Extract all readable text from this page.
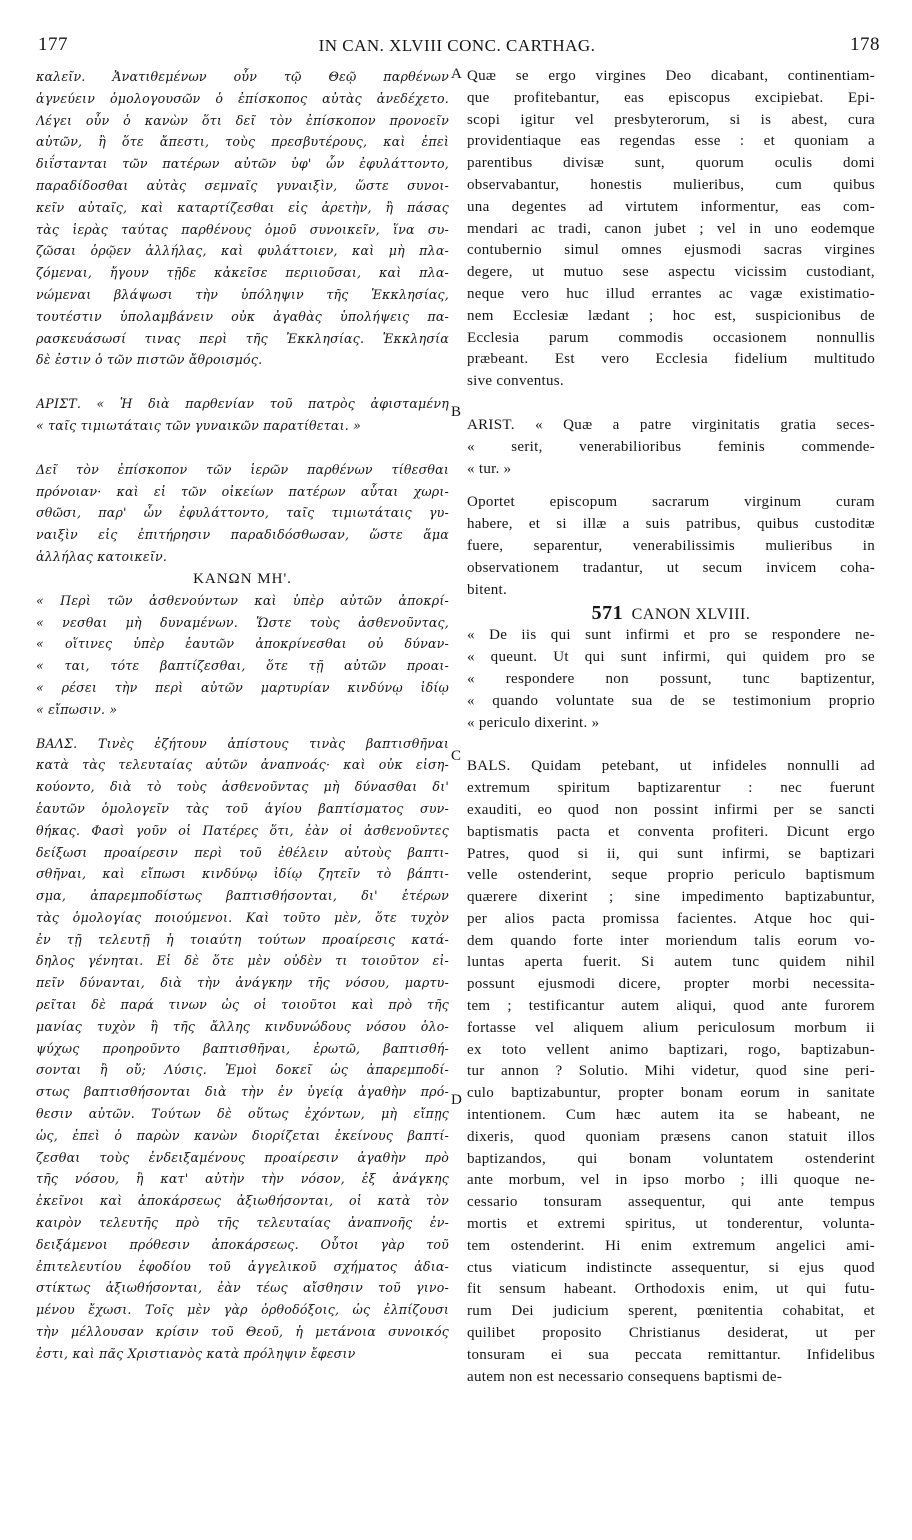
177	IN CAN. XLVIII CONC. CARTHAG.	178
A
B
C
D
καλεῖν. Ἀνατιθεμένων οὖν τῷ Θεῷ παρθένων
ἁγνεύειν ὁμολογουσῶν ὁ ἐπίσκοπος αὐτὰς ἀνεδέχετο.
Λέγει οὖν ὁ κανὼν ὅτι δεῖ τὸν ἐπίσκοπον προνοεῖν
αὐτῶν, ἢ ὅτε ἄπεστι, τοὺς πρεσβυτέρους, καὶ ἐπεὶ
διΐστανται τῶν πατέρων αὐτῶν ὑφ' ὧν ἐφυλάττοντο,
παραδίδοσθαι αὐτὰς σεμναῖς γυναιξὶν, ὥστε συνοι-
κεῖν αὐταῖς, καὶ καταρτίζεσθαι εἰς ἀρετὴν, ἢ πάσας
τὰς ἱερὰς ταύτας παρθένους ὁμοῦ συνοικεῖν, ἵνα συ-
ζῶσαι ὁρῷεν ἀλλήλας, καὶ φυλάττοιεν, καὶ μὴ πλα-
ζόμεναι, ἤγουν τῇδε κἀκεῖσε περιιοῦσαι, καὶ πλα-
νώμεναι βλάψωσι τὴν ὑπόληψιν τῆς Ἐκκλησίας,
τουτέστιν ὑπολαμβάνειν οὐκ ἀγαθὰς ὑπολήψεις πα-
ρασκευάσωσί τινας περὶ τῆς Ἐκκλησίας. Ἐκκλησία
δὲ ἐστιν ὁ τῶν πιστῶν ἄθροισμός.
ΑΡΙΣΤ. « Ἡ διὰ παρθενίαν τοῦ πατρὸς ἀφισταμένη
« ταῖς τιμιωτάταις τῶν γυναικῶν παρατίθεται. »
Δεῖ τὸν ἐπίσκοπον τῶν ἱερῶν παρθένων τίθεσθαι
πρόνοιαν· καὶ εἰ τῶν οἰκείων πατέρων αὗται χωρι-
σθῶσι, παρ' ὧν ἐφυλάττοντο, ταῖς τιμιωτάταις γυ-
ναιξὶν εἰς ἐπιτήρησιν παραδιδόσθωσαν, ὥστε ἅμα
ἀλλήλας κατοικεῖν.
ΚΑΝΩΝ ΜΗ'.
« Περὶ τῶν ἀσθενούντων καὶ ὑπὲρ αὐτῶν ἀποκρί-
« νεσθαι μὴ δυναμένων. Ὥστε τοὺς ἀσθενοῦντας,
« οἵτινες ὑπὲρ ἑαυτῶν ἀποκρίνεσθαι οὐ δύναν-
« ται, τότε βαπτίζεσθαι, ὅτε τῇ αὐτῶν προαι-
« ρέσει τὴν περὶ αὐτῶν μαρτυρίαν κινδύνῳ ἰδίῳ
« εἴπωσιν. »
ΒΑΛΣ. Τινὲς ἐζήτουν ἀπίστους τινὰς βαπτισθῆναι
κατὰ τὰς τελευταίας αὐτῶν ἀναπνοάς· καὶ οὐκ εἰση-
κούοντο, διὰ τὸ τοὺς ἀσθενοῦντας μὴ δύνασθαι δι'
ἑαυτῶν ὁμολογεῖν τὰς τοῦ ἁγίου βαπτίσματος συν-
θήκας. Φασὶ γοῦν οἱ Πατέρες ὅτι, ἐὰν οἱ ἀσθενοῦντες
δείξωσι προαίρεσιν περὶ τοῦ ἐθέλειν αὐτοὺς βαπτι-
σθῆναι, καὶ εἴπωσι κινδύνῳ ἰδίῳ ζητεῖν τὸ βάπτι-
σμα, ἀπαρεμποδίστως βαπτισθήσονται, δι' ἑτέρων
τὰς ὁμολογίας ποιούμενοι. Καὶ τοῦτο μὲν, ὅτε τυχὸν
ἐν τῇ τελευτῇ ἡ τοιαύτη τούτων προαίρεσις κατά-
δηλος γένηται. Εἰ δὲ ὅτε μὲν οὐδὲν τι τοιοῦτον εἰ-
πεῖν δύνανται, διὰ τὴν ἀνάγκην τῆς νόσου, μαρτυ-
ρεῖται δὲ παρά τινων ὡς οἱ τοιοῦτοι καὶ πρὸ τῆς
μανίας τυχὸν ἢ τῆς ἄλλης κινδυνώδους νόσου ὁλο-
ψύχως προηροῦντο βαπτισθῆναι, ἐρωτῶ, βαπτισθή-
σονται ἢ οὔ; Λύσις. Ἐμοὶ δοκεῖ ὡς ἀπαρεμποδί-
στως βαπτισθήσονται διὰ τὴν ἐν ὑγείᾳ ἀγαθὴν πρό-
θεσιν αὐτῶν. Τούτων δὲ οὕτως ἐχόντων, μὴ εἴπῃς
ὡς, ἐπεὶ ὁ παρὼν κανὼν διορίζεται ἐκείνους βαπτί-
ζεσθαι τοὺς ἐνδειξαμένους προαίρεσιν ἀγαθὴν πρὸ
τῆς νόσου, ἢ κατ' αὐτὴν τὴν νόσον, ἐξ ἀνάγκης
ἐκεῖνοι καὶ ἀποκάρσεως ἀξιωθήσονται, οἱ κατὰ τὸν
καιρὸν τελευτῆς πρὸ τῆς τελευταίας ἀναπνοῆς ἐν-
δειξάμενοι πρόθεσιν ἀποκάρσεως. Οὗτοι γὰρ τοῦ
ἐπιτελευτίου ἐφοδίου τοῦ ἀγγελικοῦ σχήματος ἀδια-
στίκτως ἀξιωθήσονται, ἐὰν τέως αἴσθησιν τοῦ γινο-
μένου ἔχωσι. Τοῖς μὲν γὰρ ὀρθοδόξοις, ὡς ἐλπίζουσι
τὴν μέλλουσαν κρίσιν τοῦ Θεοῦ, ἡ μετάνοια συνοικός
ἐστι, καὶ πᾶς Χριστιανὸς κατὰ πρόληψιν ἔφεσιν
Quæ se ergo virgines Deo dicabant, continentiam-
que profitebantur, eas episcopus excipiebat. Epi-
scopi igitur vel presbyterorum, si is abest, cura
providentiaque eas regendas esse : et quoniam a
parentibus divisæ sunt, quorum oculis domi
observabantur, honestis mulieribus, cum quibus
una degentes ad virtutem informentur, eas com-
mendari ac tradi, canon jubet ; vel in uno eodemque
contubernio simul omnes ejusmodi sacras virgines
degere, ut mutuo sese aspectu vicissim custodiant,
neque vero huc illud errantes ac vagæ existimatio-
nem Ecclesiæ lædant ; hoc est, suspicionibus de
Ecclesia parum commodis occasionem nonnullis
præbeant. Est vero Ecclesia fidelium multitudo
sive conventus.
ARIST. « Quæ a patre virginitatis gratia seces-
« serit, venerabilioribus feminis commende-
« tur. »
Oportet episcopum sacrarum virginum curam
habere, et si illæ a suis patribus, quibus custoditæ
fuere, separentur, venerabilissimis mulieribus in
observationem tradantur, ut secum invicem coha-
bitent.
571 CANON XLVIII.
« De iis qui sunt infirmi et pro se respondere ne-
« queunt. Ut qui sunt infirmi, qui quidem pro se
« respondere non possunt, tunc baptizentur,
« quando voluntate sua de se testimonium proprio
« periculo dixerint. »
BALS. Quidam petebant, ut infideles nonnulli ad
extremum spiritum baptizarentur : nec fuerunt
exauditi, eo quod non possint infirmi per se sancti
baptismatis pacta et conventa profiteri. Dicunt ergo
Patres, quod si ii, qui sunt infirmi, se baptizari
velle ostenderint, seque proprio periculo baptismum
quærere dixerint ; sine impedimento baptizabuntur,
per alios pacta promissa facientes. Atque hoc qui-
dem quando forte inter moriendum talis eorum vo-
luntas aperta fuerit. Si autem tunc quidem nihil
possunt ejusmodi dicere, propter morbi necessita-
tem ; testificantur autem aliqui, quod ante furorem
fortasse vel aliquem alium periculosum morbum ii
ex toto vellent animo baptizari, rogo, baptizabun-
tur annon ? Solutio. Mihi videtur, quod sine peri-
culo baptizabuntur, propter bonam eorum in sanitate
intentionem. Cum hæc autem ita se habeant, ne
dixeris, quod quoniam præsens canon statuit illos
baptizandos, qui bonam voluntatem ostenderint
ante morbum, vel in ipso morbo ; illi quoque ne-
cessario tonsuram assequentur, qui ante tempus
mortis et extremi spiritus, ut tonderentur, volunta-
tem ostenderint. Hi enim extremum angelici ami-
ctus viaticum indistincte assequentur, si ejus quod
fit sensum habeant. Orthodoxis enim, ut qui futu-
rum Dei judicium sperent, pœnitentia cohabitat, et
quilibet proposito Christianus desiderat, ut per
tonsuram ei sua peccata remittantur. Infidelibus
autem non est necessario consequens baptismi de-
